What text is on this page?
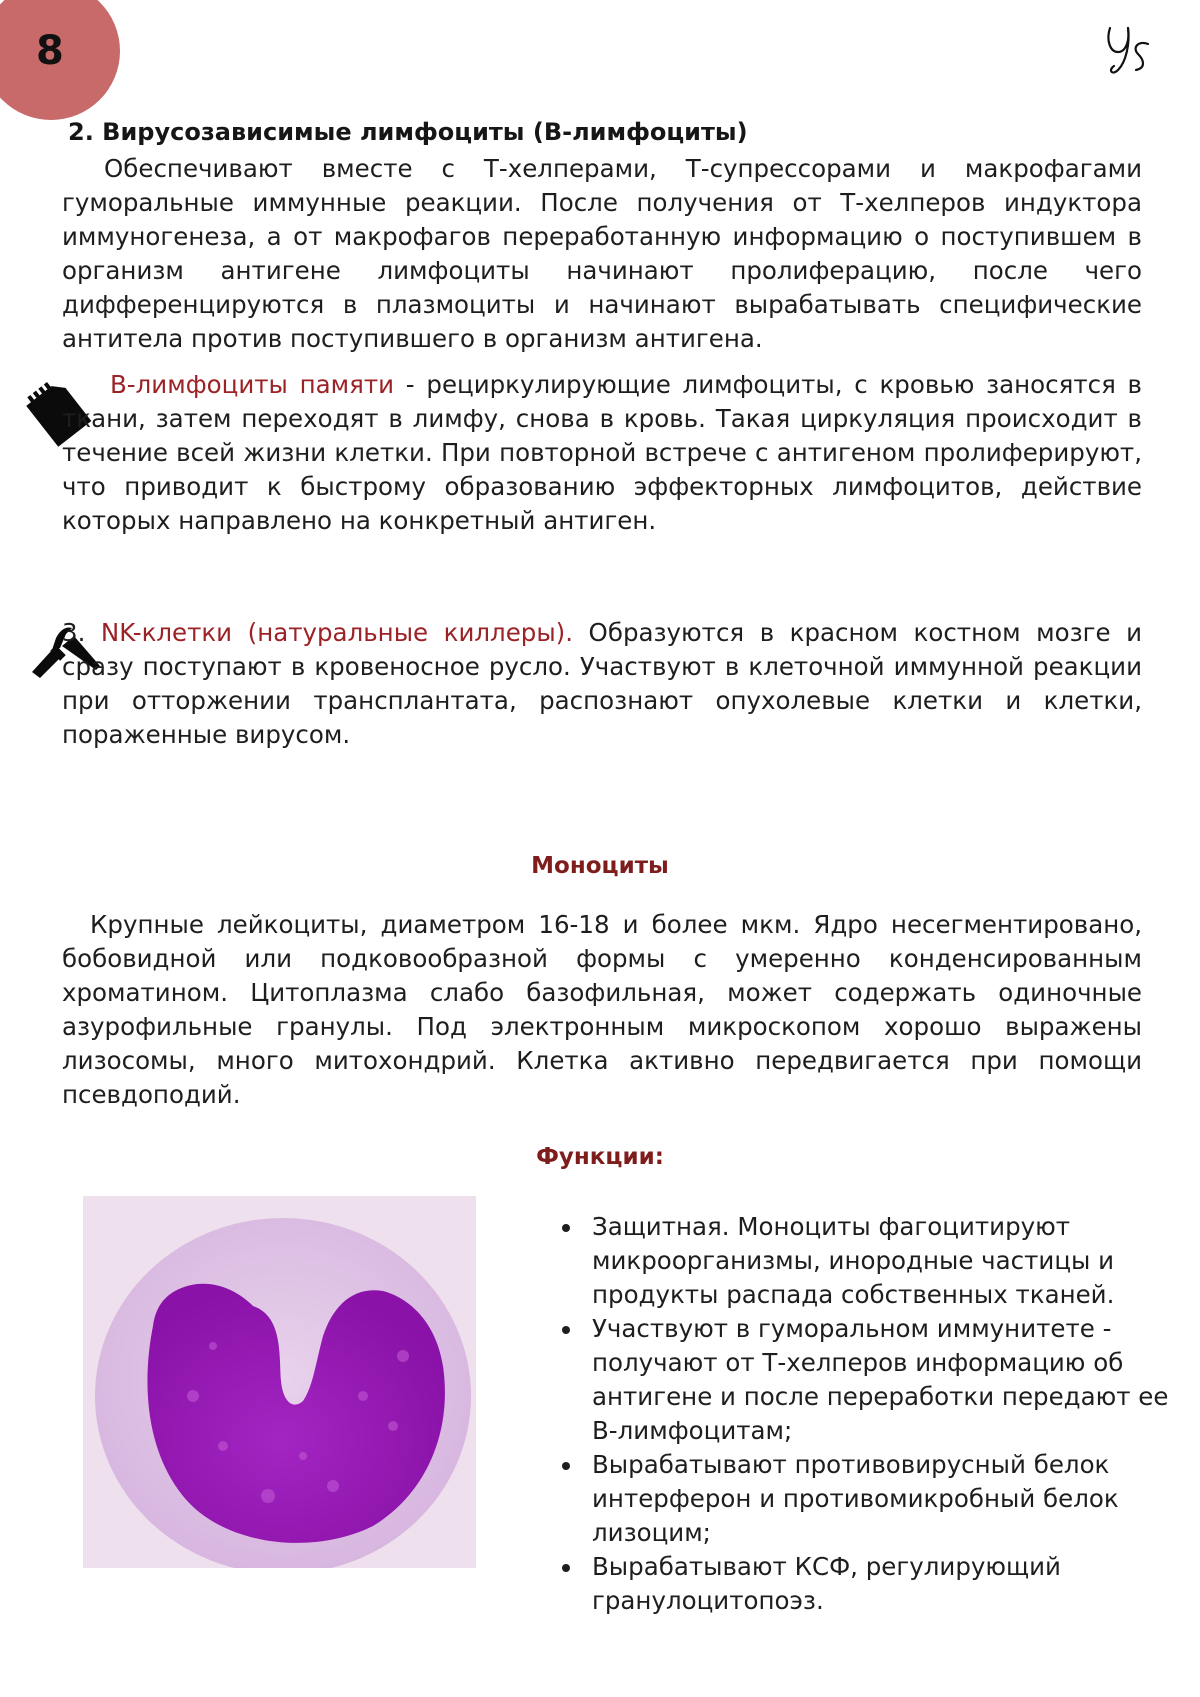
8
2. Вирусозависимые лимфоциты (В-лимфоциты)

Обеспечивают вместе с Т-хелперами, Т-супрессорами и макрофагами гуморальные иммунные реакции. После получения от Т-хелперов индуктора иммуногенеза, а от макрофагов переработанную информацию о поступившем в организм антигене лимфоциты начинают пролиферацию, после чего дифференцируются в плазмоциты и начинают вырабатывать специфические антитела против поступившего в организм антигена.

В-лимфоциты памяти - рециркулирующие лимфоциты, с кровью заносятся в ткани, затем переходят в лимфу, снова в кровь. Такая циркуляция происходит в течение всей жизни клетки. При повторной встрече с антигеном пролиферируют, что приводит к быстрому образованию эффекторных лимфоцитов, действие которых направлено на конкретный антиген.

3. NK-клетки (натуральные киллеры). Образуются в красном костном мозге и сразу поступают в кровеносное русло. Участвуют в клеточной иммунной реакции при отторжении трансплантата, распознают опухолевые клетки и клетки, пораженные вирусом.

Моноциты

Крупные лейкоциты, диаметром 16-18 и более мкм. Ядро несегментировано, бобовидной или подковообразной формы с умеренно конденсированным хроматином. Цитоплазма слабо базофильная, может содержать одиночные азурофильные гранулы. Под электронным микроскопом хорошо выражены лизосомы, много митохондрий. Клетка активно передвигается при помощи псевдоподий.

Функции:
• Защитная. Моноциты фагоцитируют микроорганизмы, инородные частицы и продукты распада собственных тканей.
• Участвуют в гуморальном иммунитете - получают от Т-хелперов информацию об антигене и после переработки передают ее В-лимфоцитам;
• Вырабатывают противовирусный белок интерферон и противомикробный белок лизоцим;
• Вырабатывают КСФ, регулирующий гранулоцитопоэз.
